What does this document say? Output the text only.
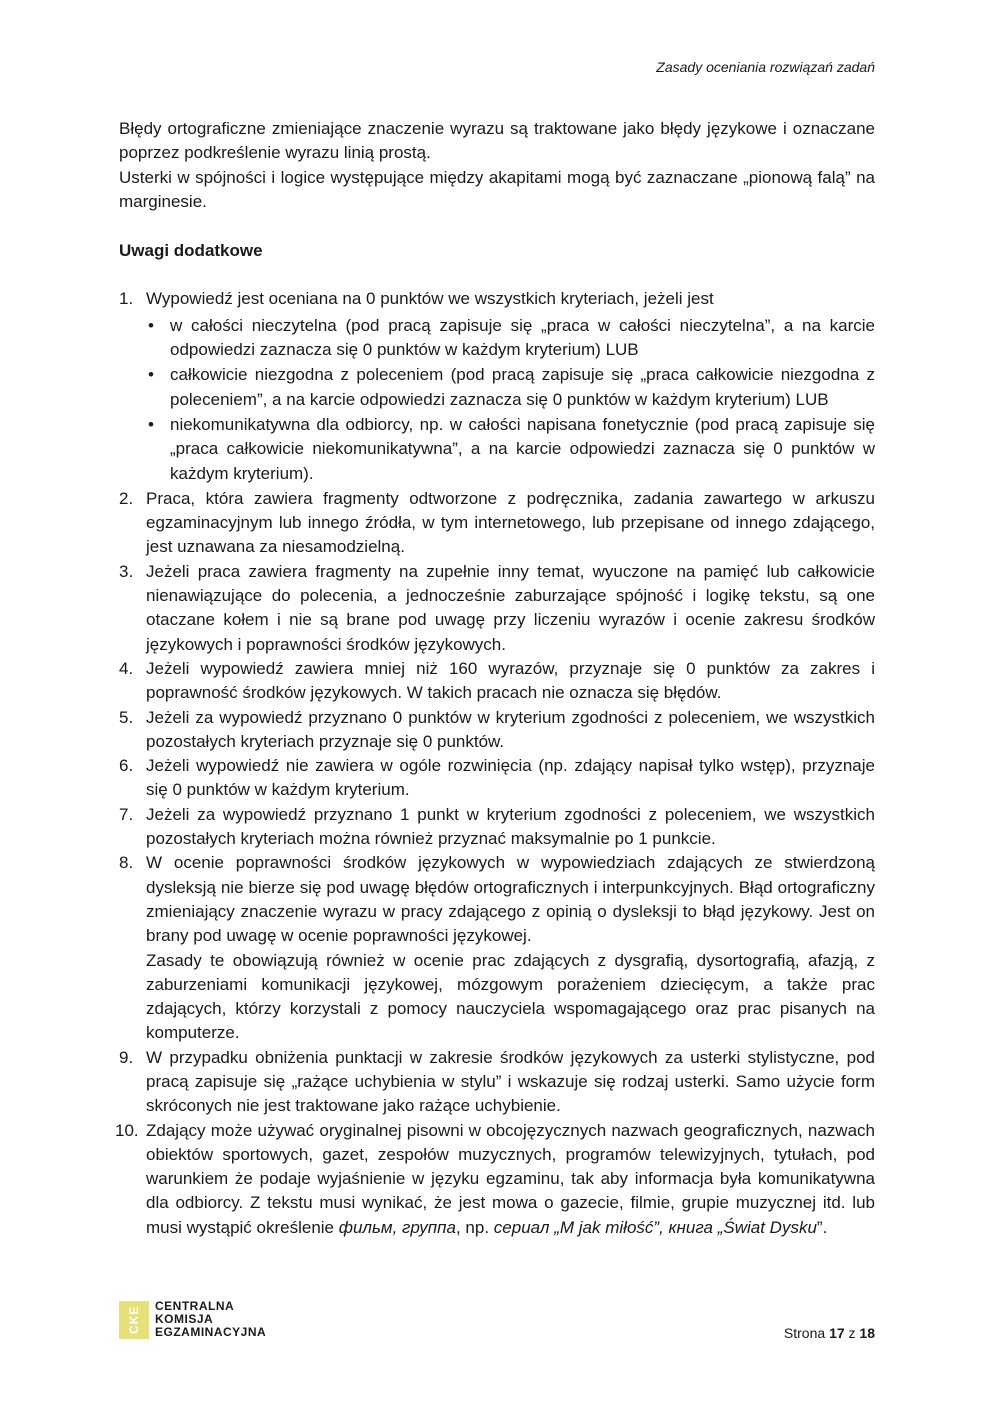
Zasady oceniania rozwiązań zadań

Błędy ortograficzne zmieniające znaczenie wyrazu są traktowane jako błędy językowe i oznaczane poprzez podkreślenie wyrazu linią prostą.

Usterki w spójności i logice występujące między akapitami mogą być zaznaczane „pionową falą” na marginesie.

Uwagi dodatkowe

1. Wypowiedź jest oceniana na 0 punktów we wszystkich kryteriach, jeżeli jest
• w całości nieczytelna (pod pracą zapisuje się „praca w całości nieczytelna”, a na karcie odpowiedzi zaznacza się 0 punktów w każdym kryterium) LUB
• całkowicie niezgodna z poleceniem (pod pracą zapisuje się „praca całkowicie niezgodna z poleceniem”, a na karcie odpowiedzi zaznacza się 0 punktów w każdym kryterium) LUB
• niekomunikatywna dla odbiorcy, np. w całości napisana fonetycznie (pod pracą zapisuje się „praca całkowicie niekomunikatywna”, a na karcie odpowiedzi zaznacza się 0 punktów w każdym kryterium).
2. Praca, która zawiera fragmenty odtworzone z podręcznika, zadania zawartego w arkuszu egzaminacyjnym lub innego źródła, w tym internetowego, lub przepisane od innego zdającego, jest uznawana za niesamodzielną.
3. Jeżeli praca zawiera fragmenty na zupełnie inny temat, wyuczone na pamięć lub całkowicie nienawiązujące do polecenia, a jednocześnie zaburzające spójność i logikę tekstu, są one otaczane kołem i nie są brane pod uwagę przy liczeniu wyrazów i ocenie zakresu środków językowych i poprawności środków językowych.
4. Jeżeli wypowiedź zawiera mniej niż 160 wyrazów, przyznaje się 0 punktów za zakres i poprawność środków językowych. W takich pracach nie oznacza się błędów.
5. Jeżeli za wypowiedź przyznano 0 punktów w kryterium zgodności z poleceniem, we wszystkich pozostałych kryteriach przyznaje się 0 punktów.
6. Jeżeli wypowiedź nie zawiera w ogóle rozwinięcia (np. zdający napisał tylko wstęp), przyznaje się 0 punktów w każdym kryterium.
7. Jeżeli za wypowiedź przyznano 1 punkt w kryterium zgodności z poleceniem, we wszystkich pozostałych kryteriach można również przyznać maksymalnie po 1 punkcie.
8. W ocenie poprawności środków językowych w wypowiedziach zdających ze stwierdzoną dysleksją nie bierze się pod uwagę błędów ortograficznych i interpunkcyjnych. Błąd ortograficzny zmieniający znaczenie wyrazu w pracy zdającego z opinią o dysleksji to błąd językowy. Jest on brany pod uwagę w ocenie poprawności językowej.
Zasady te obowiązują również w ocenie prac zdających z dysgrafią, dysortografią, afazją, z zaburzeniami komunikacji językowej, mózgowym porażeniem dziecięcym, a także prac zdających, którzy korzystali z pomocy nauczyciela wspomagającego oraz prac pisanych na komputerze.
9. W przypadku obniżenia punktacji w zakresie środków językowych za usterki stylistyczne, pod pracą zapisuje się „rażące uchybienia w stylu” i wskazuje się rodzaj usterki. Samo użycie form skróconych nie jest traktowane jako rażące uchybienie.
10. Zdający może używać oryginalnej pisowni w obcojęzycznych nazwach geograficznych, nazwach obiektów sportowych, gazet, zespołów muzycznych, programów telewizyjnych, tytułach, pod warunkiem że podaje wyjaśnienie w języku egzaminu, tak aby informacja była komunikatywna dla odbiorcy. Z tekstu musi wynikać, że jest mowa o gazecie, filmie, grupie muzycznej itd. lub musi wystąpić określenie фильм, группа, np. сериал „М jak miłość”, книга „Świat Dysku”.
CKE	CENTRALNA
KOMISJA
EGZAMINACYJNA	Strona 17 z 18
